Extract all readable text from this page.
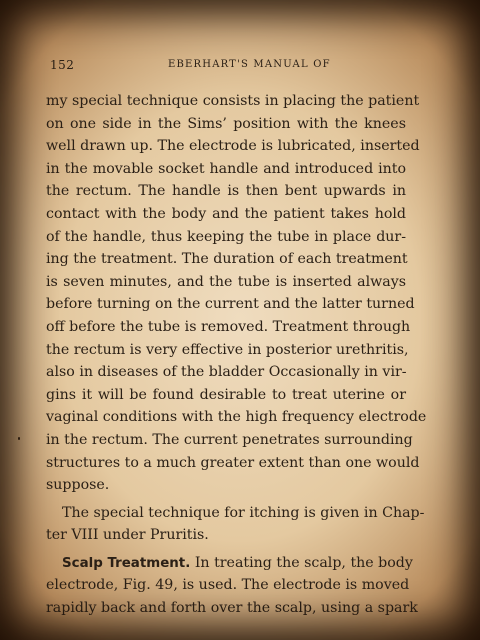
152	EBERHART'S MANUAL OF
my special technique consists in placing the patient
on one side in the Sims’ position with the knees
well drawn up. The electrode is lubricated, inserted
in the movable socket handle and introduced into
the rectum. The handle is then bent upwards in
contact with the body and the patient takes hold
of the handle, thus keeping the tube in place dur-
ing the treatment. The duration of each treatment
is seven minutes, and the tube is inserted always
before turning on the current and the latter turned
off before the tube is removed. Treatment through
the rectum is very effective in posterior urethritis,
also in diseases of the bladder Occasionally in vir-
gins it will be found desirable to treat uterine or
vaginal conditions with the high frequency electrode
in the rectum. The current penetrates surrounding
structures to a much greater extent than one would
suppose.
The special technique for itching is given in Chap-
ter VIII under Pruritis.
Scalp Treatment. In treating the scalp, the body
electrode, Fig. 49, is used. The electrode is moved
rapidly back and forth over the scalp, using a spark
